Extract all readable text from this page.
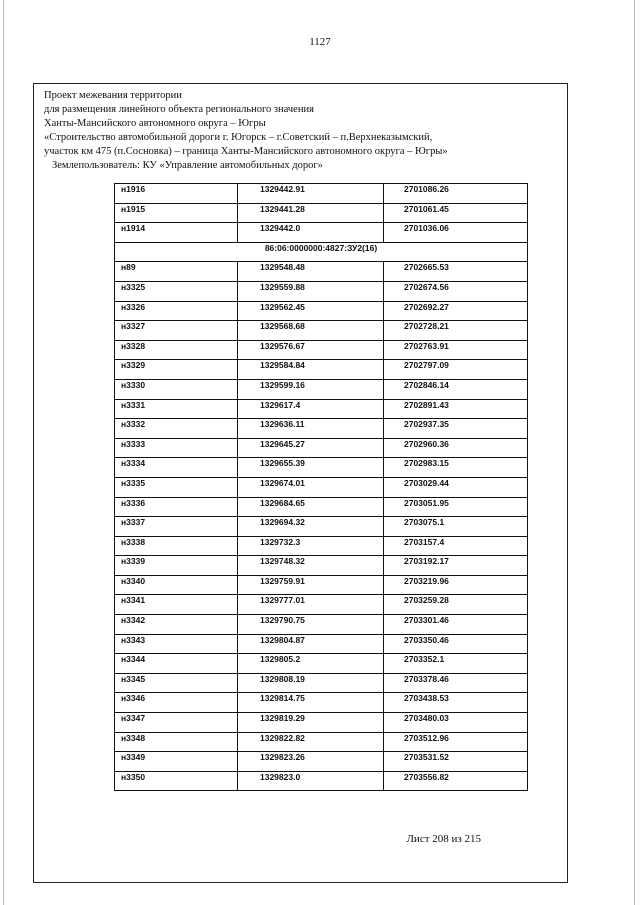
1127
Проект межевания территории
для размещения линейного объекта регионального значения
Ханты-Мансийского автономного округа – Югры
«Строительство автомобильной дороги г. Югорск – г.Советский – п.Верхнеказымский,
участок км 475 (п.Сосновка) – граница Ханты-Мансийского автономного округа – Югры»
Землепользователь: КУ «Управление автомобильных дорог»
н1916	1329442.91	2701086.26
н1915	1329441.28	2701061.45
н1914	1329442.0	2701036.06
86:06:0000000:4827:ЗУ2(16)		
н89	1329548.48	2702665.53
н3325	1329559.88	2702674.56
н3326	1329562.45	2702692.27
н3327	1329568.68	2702728.21
н3328	1329576.67	2702763.91
н3329	1329584.84	2702797.09
н3330	1329599.16	2702846.14
н3331	1329617.4	2702891.43
н3332	1329636.11	2702937.35
н3333	1329645.27	2702960.36
н3334	1329655.39	2702983.15
н3335	1329674.01	2703029.44
н3336	1329684.65	2703051.95
н3337	1329694.32	2703075.1
н3338	1329732.3	2703157.4
н3339	1329748.32	2703192.17
н3340	1329759.91	2703219.96
н3341	1329777.01	2703259.28
н3342	1329790.75	2703301.46
н3343	1329804.87	2703350.46
н3344	1329805.2	2703352.1
н3345	1329808.19	2703378.46
н3346	1329814.75	2703438.53
н3347	1329819.29	2703480.03
н3348	1329822.82	2703512.96
н3349	1329823.26	2703531.52
н3350	1329823.0	2703556.82
Лист 208 из 215
